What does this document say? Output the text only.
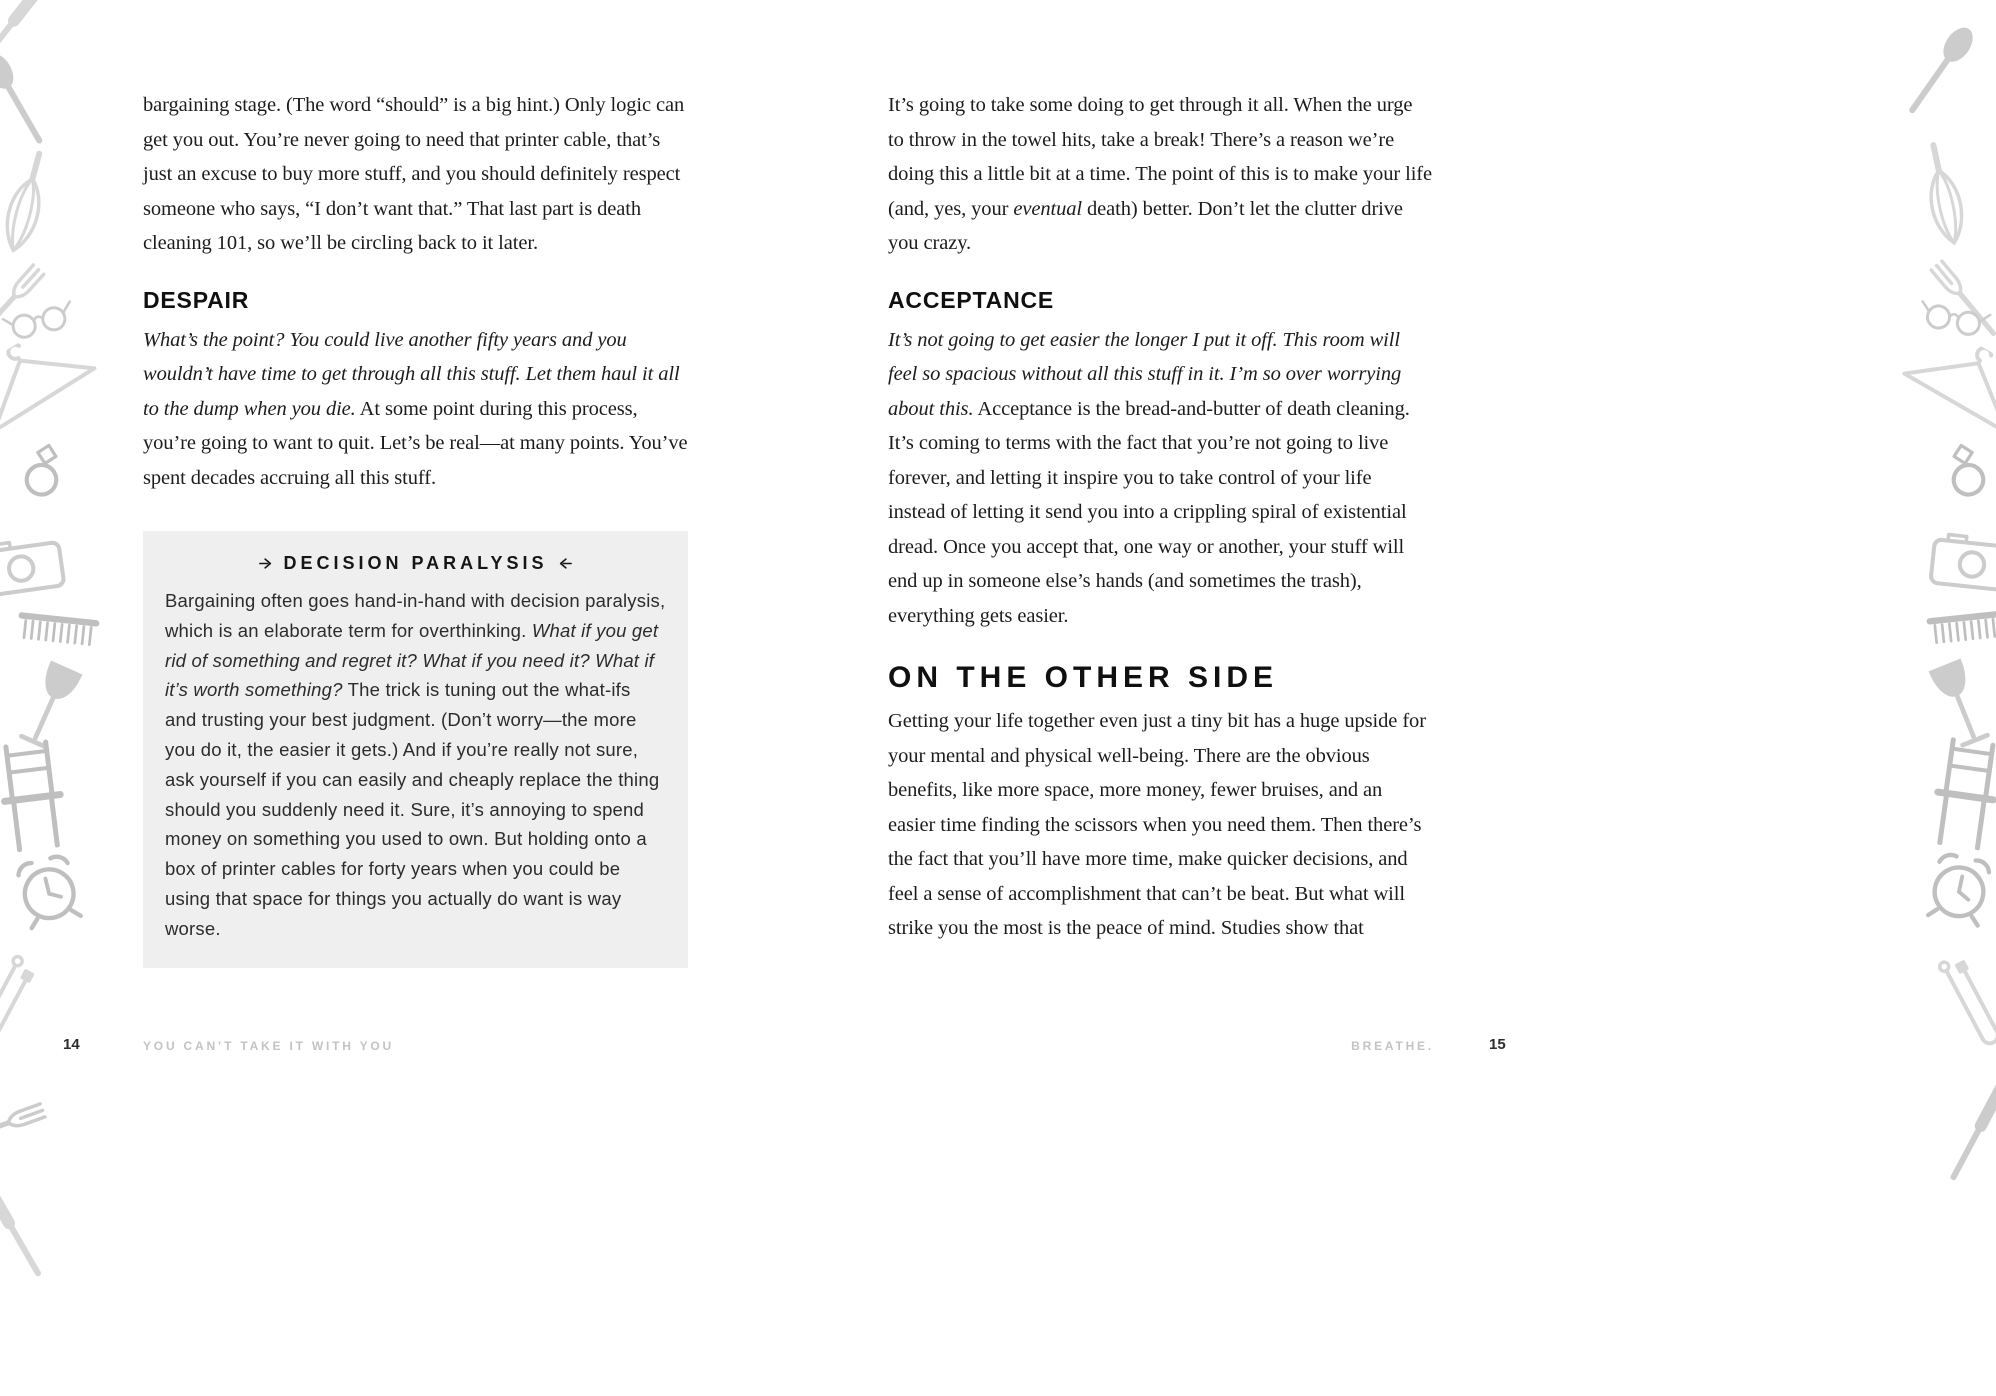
bargaining stage. (The word “should” is a big hint.) Only logic can get you out. You’re never going to need that printer cable, that’s just an excuse to buy more stuff, and you should definitely respect someone who says, “I don’t want that.” That last part is death cleaning 101, so we’ll be circling back to it later.

DESPAIR

What’s the point? You could live another fifty years and you wouldn’t have time to get through all this stuff. Let them haul it all to the dump when you die. At some point during this process, you’re going to want to quit. Let’s be real—at many points. You’ve spent decades accruing all this stuff.

DECISION PARALYSIS

Bargaining often goes hand-in-hand with decision paralysis, which is an elaborate term for overthinking. What if you get rid of something and regret it? What if you need it? What if it’s worth something? The trick is tuning out the what-ifs and trusting your best judgment. (Don’t worry—the more you do it, the easier it gets.) And if you’re really not sure, ask yourself if you can easily and cheaply replace the thing should you suddenly need it. Sure, it’s annoying to spend money on something you used to own. But holding onto a box of printer cables for forty years when you could be using that space for things you actually do want is way worse.

It’s going to take some doing to get through it all. When the urge to throw in the towel hits, take a break! There’s a reason we’re doing this a little bit at a time. The point of this is to make your life (and, yes, your eventual death) better. Don’t let the clutter drive you crazy.

ACCEPTANCE

It’s not going to get easier the longer I put it off. This room will feel so spacious without all this stuff in it. I’m so over worrying about this. Acceptance is the bread-and-butter of death cleaning. It’s coming to terms with the fact that you’re not going to live forever, and letting it inspire you to take control of your life instead of letting it send you into a crippling spiral of existential dread. Once you accept that, one way or another, your stuff will end up in someone else’s hands (and sometimes the trash), everything gets easier.

ON THE OTHER SIDE

Getting your life together even just a tiny bit has a huge upside for your mental and physical well-being. There are the obvious benefits, like more space, more money, fewer bruises, and an easier time finding the scissors when you need them. Then there’s the fact that you’ll have more time, make quicker decisions, and feel a sense of accomplishment that can’t be beat. But what will strike you the most is the peace of mind. Studies show that

14	YOU CAN’T TAKE IT WITH YOU	BREATHE.	15
